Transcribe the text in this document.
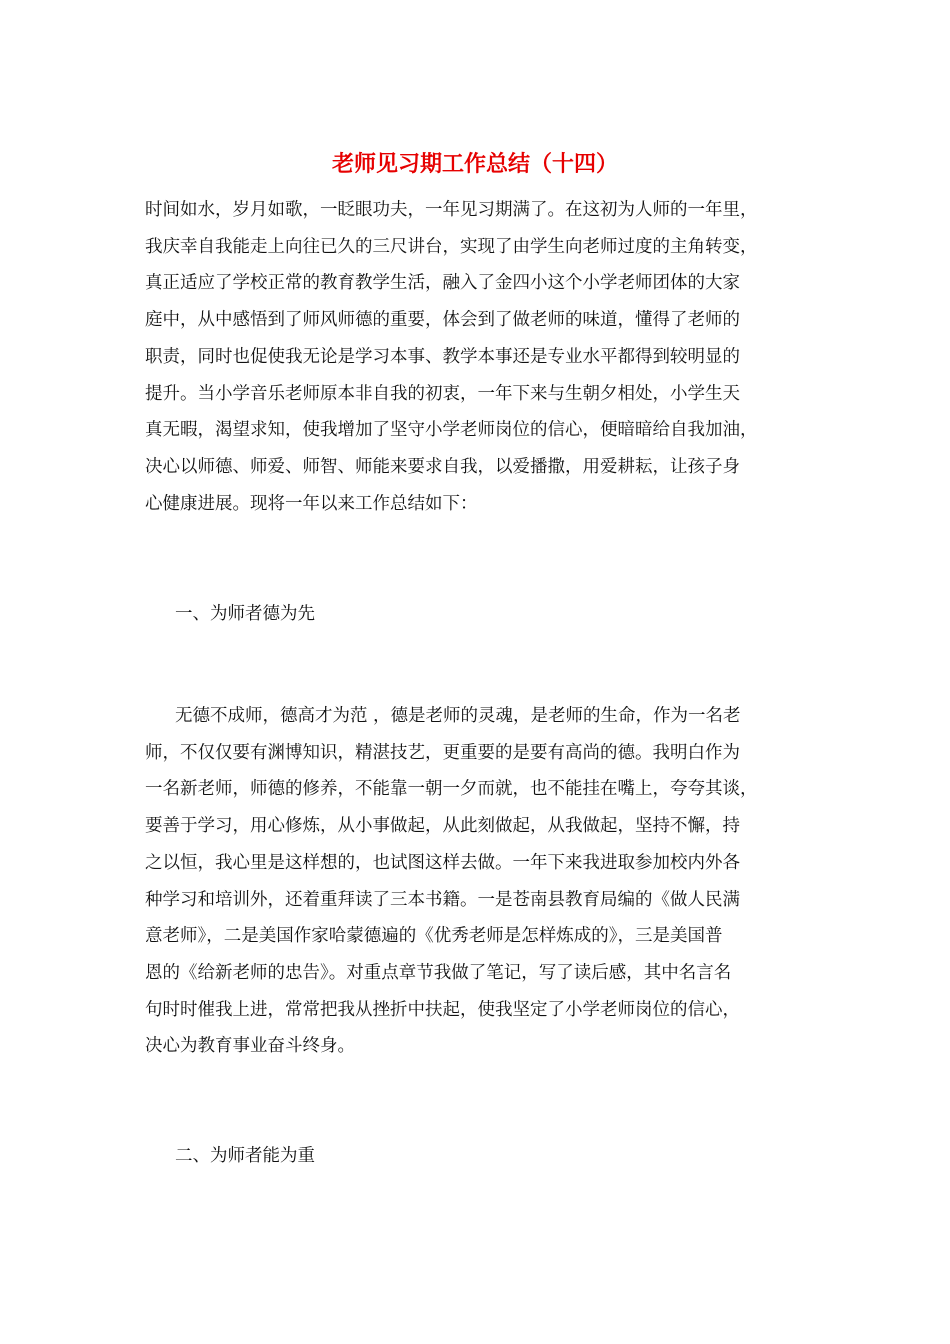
老师见习期工作总结（十四）

时间如水，岁月如歌，一眨眼功夫，一年见习期满了。在这初为人师的一年里，
我庆幸自我能走上向往已久的三尺讲台，实现了由学生向老师过度的主角转变，
真正适应了学校正常的教育教学生活，融入了金四小这个小学老师团体的大家
庭中，从中感悟到了师风师德的重要，体会到了做老师的味道，懂得了老师的
职责，同时也促使我无论是学习本事、教学本事还是专业水平都得到较明显的
提升。当小学音乐老师原本非自我的初衷，一年下来与生朝夕相处，小学生天
真无暇，渴望求知，使我增加了坚守小学老师岗位的信心，便暗暗给自我加油，
决心以师德、师爱、师智、师能来要求自我，以爱播撒，用爱耕耘，让孩子身
心健康进展。现将一年以来工作总结如下：

一、为师者德为先

无德不成师，德高才为范 ，德是老师的灵魂，是老师的生命，作为一名老
师，不仅仅要有渊博知识，精湛技艺，更重要的是要有高尚的德。我明白作为
一名新老师，师德的修养，不能靠一朝一夕而就，也不能挂在嘴上，夸夸其谈，
要善于学习，用心修炼，从小事做起，从此刻做起，从我做起，坚持不懈，持
之以恒，我心里是这样想的，也试图这样去做。一年下来我进取参加校内外各
种学习和培训外，还着重拜读了三本书籍。一是苍南县教育局编的《做人民满
意老师》，二是美国作家哈蒙德遍的《优秀老师是怎样炼成的》，三是美国普
恩的《给新老师的忠告》。对重点章节我做了笔记，写了读后感，其中名言名
句时时催我上进，常常把我从挫折中扶起，使我坚定了小学老师岗位的信心，
决心为教育事业奋斗终身。

二、为师者能为重
